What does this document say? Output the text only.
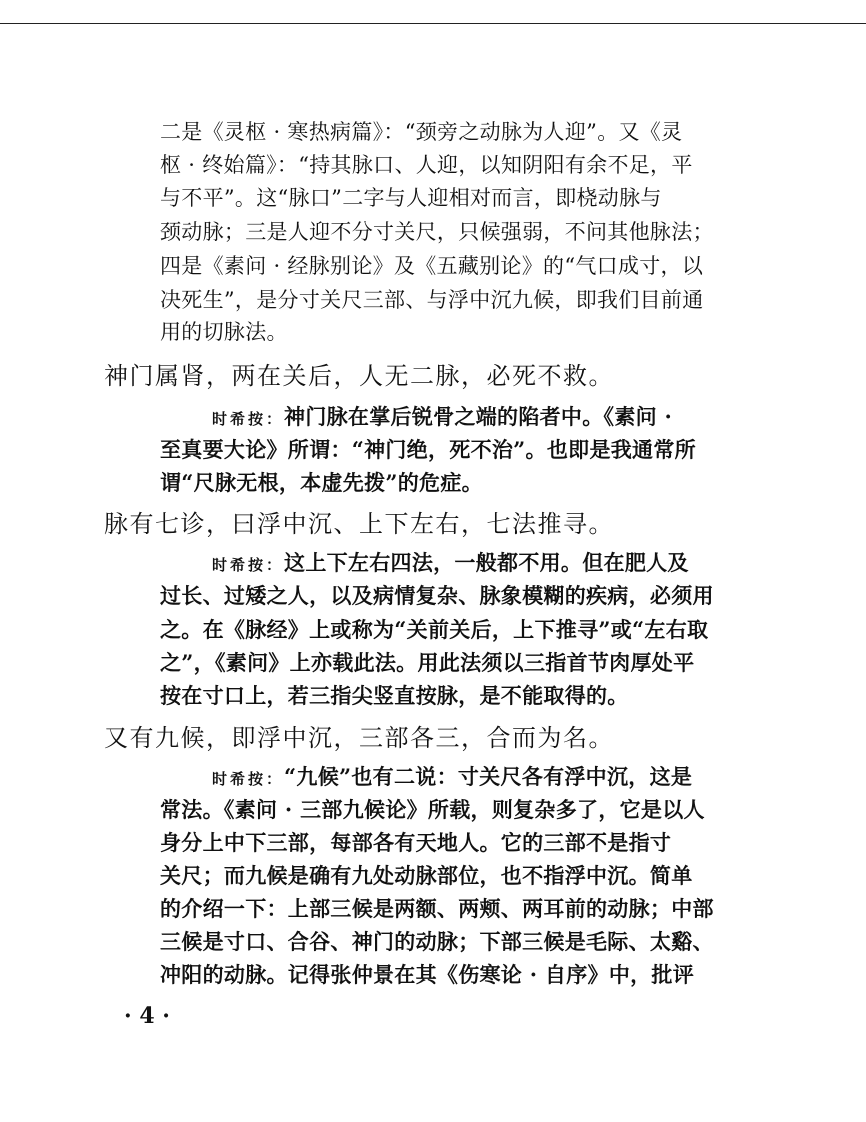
二是《灵枢 · 寒热病篇》：“颈旁之动脉为人迎”。又《灵
枢 · 终始篇》：“持其脉口、人迎，以知阴阳有余不足，平
与不平”。这“脉口”二字与人迎相对而言，即桡动脉与
颈动脉；三是人迎不分寸关尺，只候强弱，不问其他脉法；
四是《素问 · 经脉别论》及《五藏别论》的“气口成寸，以
决死生”，是分寸关尺三部、与浮中沉九候，即我们目前通
用的切脉法。
神门属肾，两在关后，人无二脉，必死不救。
时希按：神门脉在掌后锐骨之端的陷者中。《素问 ·
至真要大论》所谓：“神门绝，死不治”。也即是我通常所
谓“尺脉无根，本虚先拨”的危症。
脉有七诊，曰浮中沉、上下左右，七法推寻。
时希按：这上下左右四法，一般都不用。但在肥人及
过长、过矮之人，以及病情复杂、脉象模糊的疾病，必须用
之。在《脉经》上或称为“关前关后，上下推寻”或“左右取
之”，《素问》上亦载此法。用此法须以三指首节肉厚处平
按在寸口上，若三指尖竖直按脉，是不能取得的。
又有九候，即浮中沉，三部各三，合而为名。
时希按：“九候”也有二说：寸关尺各有浮中沉，这是
常法。《素问 · 三部九候论》所载，则复杂多了，它是以人
身分上中下三部，每部各有天地人。它的三部不是指寸
关尺；而九候是确有九处动脉部位，也不指浮中沉。简单
的介绍一下：上部三候是两额、两颊、两耳前的动脉；中部
三候是寸口、合谷、神门的动脉；下部三候是毛际、太谿、
冲阳的动脉。记得张仲景在其《伤寒论 · 自序》中，批评
· 4 ·
